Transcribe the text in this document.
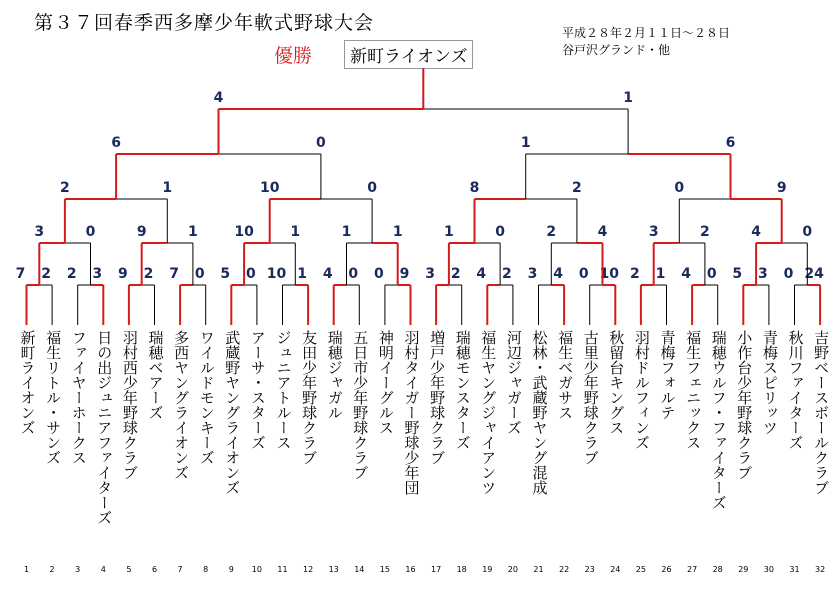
第３７回春季西多摩少年軟式野球大会
優勝	新町ライオンズ
平成２８年２月１１日～２８日
谷戸沢グランド・他
7 2 2 3 9 2 7 0 5 0 10 1 4 0 0 9 3 2 4 2 3 4 0 10 2 1 4 0 5 3 0 24
3	0	9	1	10	1	1	1	1	0	2	4	3	2	4	0
2	1	10	0	8	2	0	9
6	0	1	6
4	1
新町ライオンズ
1
福生リトル・サンズ
2
ファイヤーホークス
3
日の出ジュニアファイターズ
4
羽村西少年野球クラブ
5
瑞穂ベアーズ
6
多西ヤングライオンズ
7
ワイルドモンキーズ
8
武蔵野ヤングライオンズ
9
アーサ・スターズ
10
ジュニアトルース
11
友田少年野球クラブ
12
瑞穂ジャガル
13
五日市少年野球クラブ
14
神明イーグルス
15
羽村タイガー野球少年団
16
増戸少年野球クラブ
17
瑞穂モンスターズ
18
福生ヤングジャイアンツ
19
河辺ジャガーズ
20
松林・武蔵野ヤング混成
21
福生ベガサス
22
古里少年野球クラブ
23
秋留台キングス
24
羽村ドルフィンズ
25
青梅フォルテ
26
福生フェニックス
27
瑞穂ウルフ・ファイターズ
28
小作台少年野球クラブ
29
青梅スピリッツ
30
秋川ファイターズ
31
吉野ベースボールクラブ
32
